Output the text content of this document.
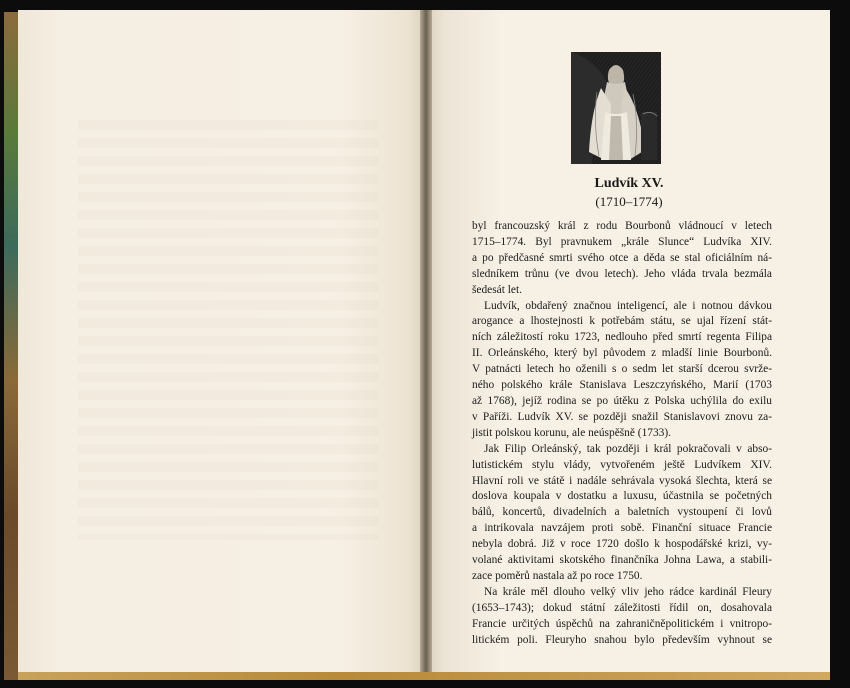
Ludvík XV.
(1710–1774)
byl francouzský král z rodu Bourbonů vládnoucí v letech
1715–1774. Byl pravnukem „krále Slunce“ Ludvíka XIV.
a po předčasné smrti svého otce a děda se stal oficiálním ná-
sledníkem trůnu (ve dvou letech). Jeho vláda trvala bezmála
šedesát let.
Ludvík, obdařený značnou inteligencí, ale i notnou dávkou
arogance a lhostejnosti k potřebám státu, se ujal řízení stát-
ních záležitostí roku 1723, nedlouho před smrtí regenta Filipa
II. Orleánského, který byl původem z mladší linie Bourbonů.
V patnácti letech ho oženili s o sedm let starší dcerou svrže-
ného polského krále Stanislava Leszczyńského, Marií (1703
až 1768), jejíž rodina se po útěku z Polska uchýlila do exilu
v Paříži. Ludvík XV. se později snažil Stanislavovi znovu za-
jistit polskou korunu, ale neúspěšně (1733).
Jak Filip Orleánský, tak později i král pokračovali v abso-
lutistickém stylu vlády, vytvořeném ještě Ludvíkem XIV.
Hlavní roli ve státě i nadále sehrávala vysoká šlechta, která se
doslova koupala v dostatku a luxusu, účastnila se početných
bálů, koncertů, divadelních a baletních vystoupení či lovů
a intrikovala navzájem proti sobě. Finanční situace Francie
nebyla dobrá. Již v roce 1720 došlo k hospodářské krizi, vy-
volané aktivitami skotského finančníka Johna Lawa, a stabili-
zace poměrů nastala až po roce 1750.
Na krále měl dlouho velký vliv jeho rádce kardinál Fleury
(1653–1743); dokud státní záležitosti řídil on, dosahovala
Francie určitých úspěchů na zahraničněpolitickém i vnitropo-
litickém poli. Fleuryho snahou bylo především vyhnout se
